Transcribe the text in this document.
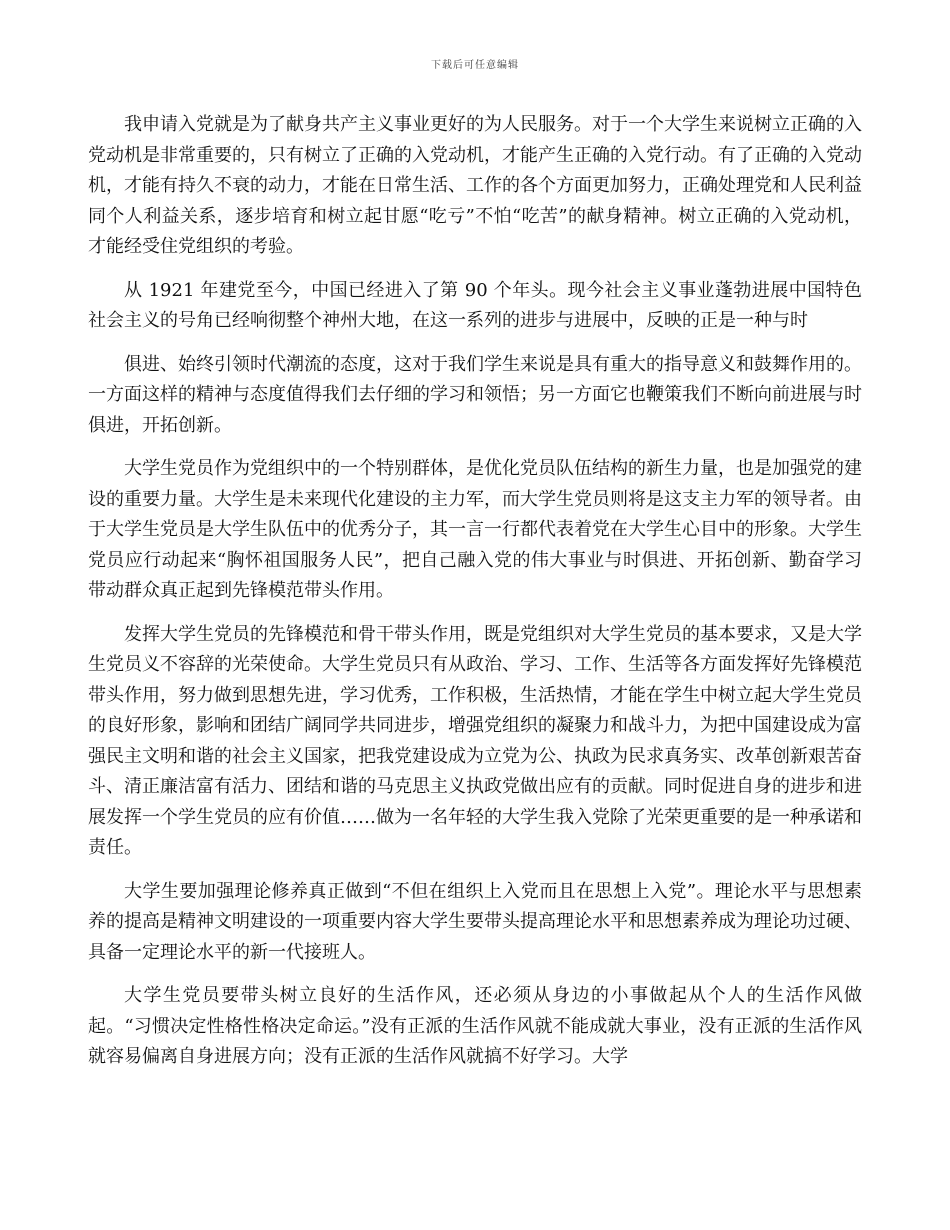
下载后可任意编辑

我申请入党就是为了献身共产主义事业更好的为人民服务。对于一个大学生来说树立正确的入党动机是非常重要的，只有树立了正确的入党动机，才能产生正确的入党行动。有了正确的入党动机，才能有持久不衰的动力，才能在日常生活、工作的各个方面更加努力，正确处理党和人民利益同个人利益关系，逐步培育和树立起甘愿“吃亏”不怕“吃苦”的献身精神。树立正确的入党动机，才能经受住党组织的考验。

从 1921 年建党至今，中国已经进入了第 90 个年头。现今社会主义事业蓬勃进展中国特色社会主义的号角已经响彻整个神州大地，在这一系列的进步与进展中，反映的正是一种与时

俱进、始终引领时代潮流的态度，这对于我们学生来说是具有重大的指导意义和鼓舞作用的。一方面这样的精神与态度值得我们去仔细的学习和领悟；另一方面它也鞭策我们不断向前进展与时俱进，开拓创新。

大学生党员作为党组织中的一个特别群体，是优化党员队伍结构的新生力量，也是加强党的建设的重要力量。大学生是未来现代化建设的主力军，而大学生党员则将是这支主力军的领导者。由于大学生党员是大学生队伍中的优秀分子，其一言一行都代表着党在大学生心目中的形象。大学生党员应行动起来“胸怀祖国服务人民”，把自己融入党的伟大事业与时俱进、开拓创新、勤奋学习带动群众真正起到先锋模范带头作用。

发挥大学生党员的先锋模范和骨干带头作用，既是党组织对大学生党员的基本要求，又是大学生党员义不容辞的光荣使命。大学生党员只有从政治、学习、工作、生活等各方面发挥好先锋模范带头作用，努力做到思想先进，学习优秀，工作积极，生活热情，才能在学生中树立起大学生党员的良好形象，影响和团结广阔同学共同进步，增强党组织的凝聚力和战斗力，为把中国建设成为富强民主文明和谐的社会主义国家，把我党建设成为立党为公、执政为民求真务实、改革创新艰苦奋斗、清正廉洁富有活力、团结和谐的马克思主义执政党做出应有的贡献。同时促进自身的进步和进展发挥一个学生党员的应有价值……做为一名年轻的大学生我入党除了光荣更重要的是一种承诺和责任。

大学生要加强理论修养真正做到“不但在组织上入党而且在思想上入党”。理论水平与思想素养的提高是精神文明建设的一项重要内容大学生要带头提高理论水平和思想素养成为理论功过硬、具备一定理论水平的新一代接班人。

大学生党员要带头树立良好的生活作风，还必须从身边的小事做起从个人的生活作风做起。“习惯决定性格性格决定命运。”没有正派的生活作风就不能成就大事业，没有正派的生活作风就容易偏离自身进展方向；没有正派的生活作风就搞不好学习。大学
